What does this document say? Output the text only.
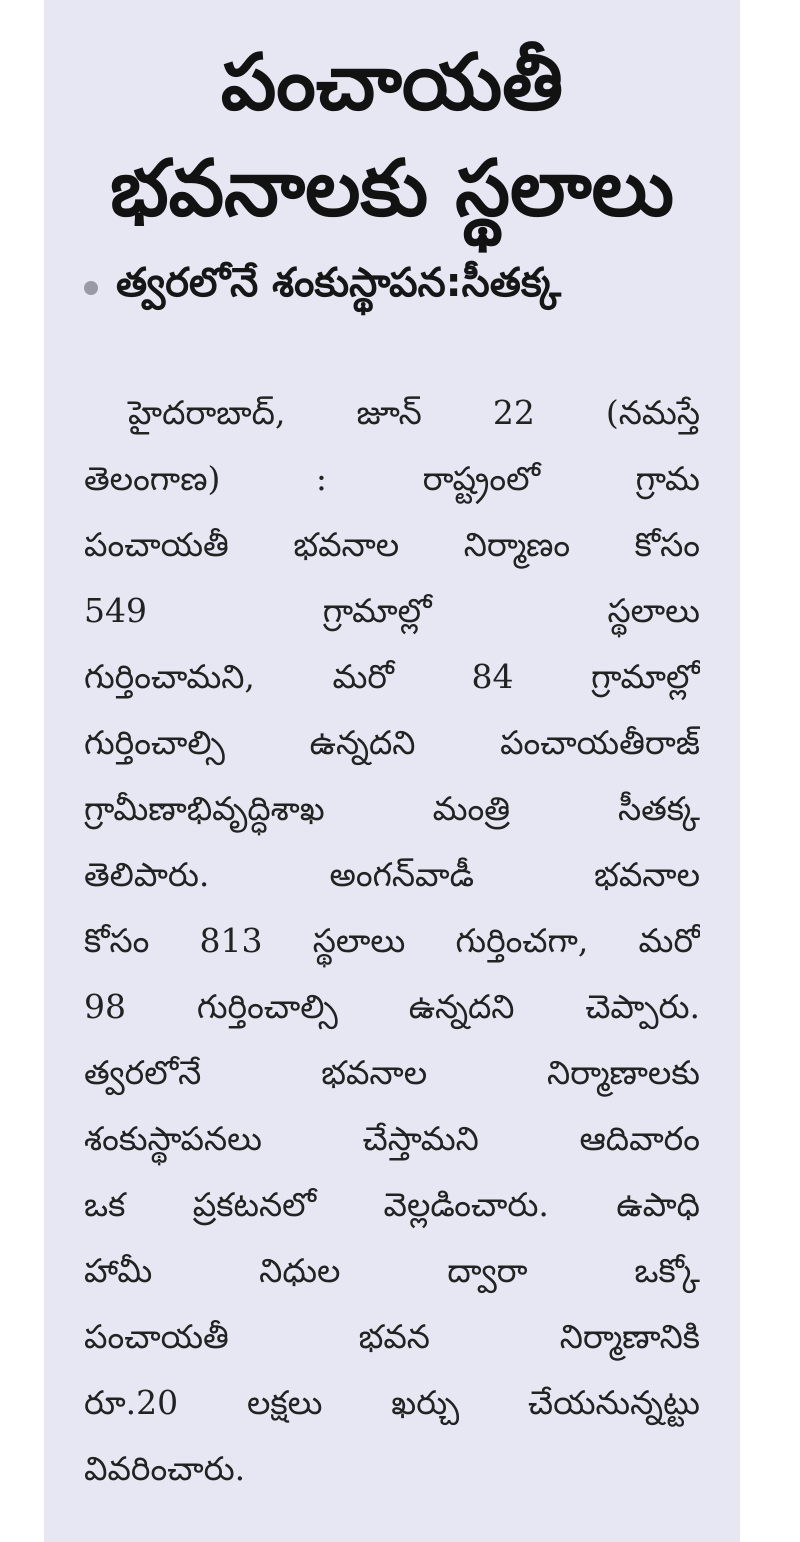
పంచాయతీ
భవనాలకు స్థలాలు
త్వరలోనే శంకుస్థాపన:సీతక్క
హైదరాబాద్, జూన్ 22 (నమస్తే
తెలంగాణ)	:	రాష్ట్రంలో	గ్రామ
పంచాయతీ భవనాల నిర్మాణం కోసం
549	గ్రామాల్లో	స్థలాలు
గుర్తించామని, మరో 84 గ్రామాల్లో
గుర్తించాల్సి	ఉన్నదని	పంచాయతీరాజ్
గ్రామీణాభివృద్ధిశాఖ	మంత్రి	సీతక్క
తెలిపారు.	అంగన్‌వాడీ	భవనాల
కోసం 813 స్థలాలు గుర్తించగా, మరో
98 గుర్తించాల్సి ఉన్నదని చెప్పారు.
త్వరలోనే	భవనాల	నిర్మాణాలకు
శంకుస్థాపనలు	చేస్తామని	ఆదివారం
ఒక ప్రకటనలో వెల్లడించారు. ఉపాధి
హామీ	నిధుల	ద్వారా	ఒక్కో
పంచాయతీ	భవన	నిర్మాణానికి
రూ.20 లక్షలు ఖర్చు చేయనున్నట్టు
వివరించారు.
